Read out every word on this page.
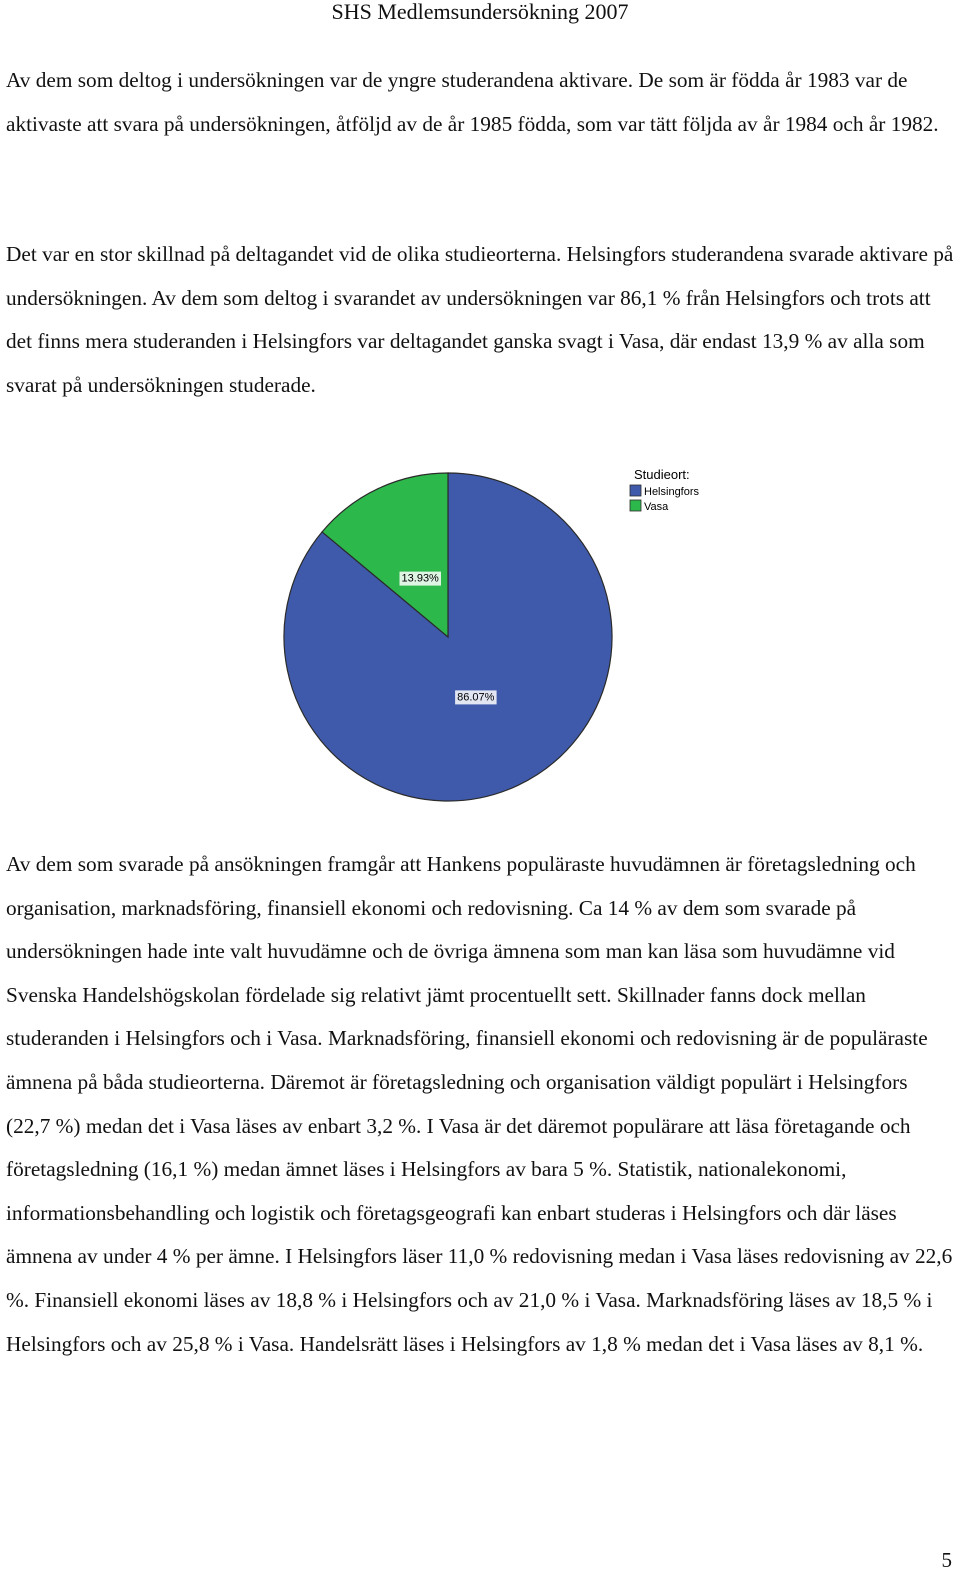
SHS Medlemsundersökning 2007

Av dem som deltog i undersökningen var de yngre studerandena aktivare. De som är födda år 1983 var de aktivaste att svara på undersökningen, åtföljd av de år 1985 födda, som var tätt följda av år 1984 och år 1982.

Det var en stor skillnad på deltagandet vid de olika studieorterna. Helsingfors studerandena svarade aktivare på undersökningen. Av dem som deltog i svarandet av undersökningen var 86,1 % från Helsingfors och trots att det finns mera studeranden i Helsingfors var deltagandet ganska svagt i Vasa, där endast 13,9 % av alla som svarat på undersökningen studerade.

86.07%
13.93%
Studieort:
Helsingfors
Vasa

Av dem som svarade på ansökningen framgår att Hankens populäraste huvudämnen är företagsledning och organisation, marknadsföring, finansiell ekonomi och redovisning. Ca 14 % av dem som svarade på undersökningen hade inte valt huvudämne och de övriga ämnena som man kan läsa som huvudämne vid Svenska Handelshögskolan fördelade sig relativt jämt procentuellt sett. Skillnader fanns dock mellan studeranden i Helsingfors och i Vasa. Marknadsföring, finansiell ekonomi och redovisning är de populäraste ämnena på båda studieorterna. Däremot är företagsledning och organisation väldigt populärt i Helsingfors (22,7 %) medan det i Vasa läses av enbart 3,2 %. I Vasa är det däremot populärare att läsa företagande och företagsledning (16,1 %) medan ämnet läses i Helsingfors av bara 5 %. Statistik, nationalekonomi, informationsbehandling och logistik och företagsgeografi kan enbart studeras i Helsingfors och där läses ämnena av under 4 % per ämne. I Helsingfors läser 11,0 % redovisning medan i Vasa läses redovisning av 22,6 %. Finansiell ekonomi läses av 18,8 % i Helsingfors och av 21,0 % i Vasa. Marknadsföring läses av 18,5 % i Helsingfors och av 25,8 % i Vasa. Handelsrätt läses i Helsingfors av 1,8 % medan det i Vasa läses av 8,1 %.

5
